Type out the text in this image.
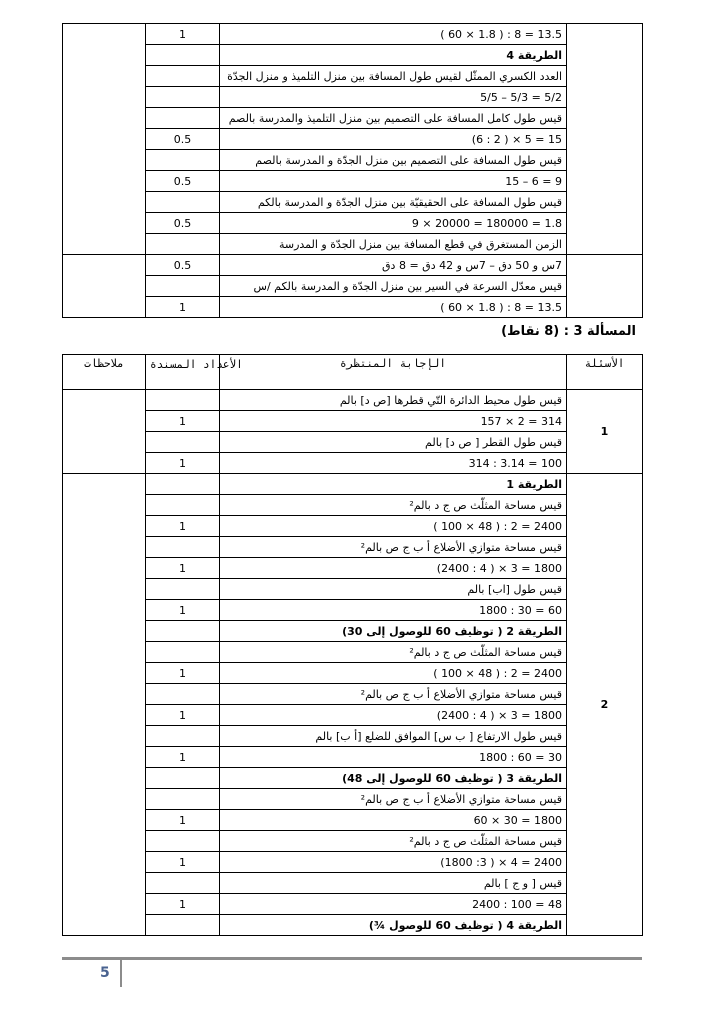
	1	13.5 = 8 : ( 1.8 × 60 )	
		الطريقة 4	
		العدد الكسري الممثّل لقيس طول المسافة بين منزل التلميذ و منزل الجدّة	
		5/2 = 5/3 – 5/5	
		قيس طول كامل المسافة على التصميم بين منزل التلميذ والمدرسة بالصم	
	0.5	15 = 5 × ( 2 : 6)	
		قيس طول المسافة على التصميم بين منزل الجدّة و المدرسة بالصم	
	0.5	9 = 6 – 15	
		قيس طول المسافة على الحقيقيّة بين منزل الجدّة و المدرسة بالكم	
	0.5	1.8 = 180000 = 20000 × 9	
		الزمن المستغرق في قطع المسافة بين منزل الجدّة و المدرسة	
	0.5	7س و 50 دق – 7س و 42 دق = 8 دق	
		قيس معدّل السرعة في السير بين منزل الجدّة و المدرسة بالكم /س	
	1	13.5 = 8 : ( 1.8 × 60 )	
المسألة 3 : (8 نقاط)
ملاحظات	الأعداد المسندة	الإجابة المنتظرة	الأسئلة
		قيس طول محيط الدائرة التّي قطرها [ص د] بالم	1
	1	314 = 2 × 157	
		قيس طول القطر [ ص د] بالم	
	1	100 = 3.14 : 314	
		الطريقة 1	2
		قيس مساحة المثلّث ص ج د بالم²	
	1	2400 = 2 : ( 48 × 100 )	
		قيس مساحة متوازي الأضلاع أ ب ج ص بالم²	
	1	1800 = 3 × ( 4 : 2400)	
		قيس طول [اب] بالم	
	1	60 = 30 : 1800	
		الطريقة 2 ( توظيف 60 للوصول إلى 30)	
		قيس مساحة المثلّث ص ج د بالم²	
	1	2400 = 2 : ( 48 × 100 )	
		قيس مساحة متوازي الأضلاع أ ب ج ص بالم²	
	1	1800 = 3 × ( 4 : 2400)	
		قيس طول الارتفاع [ ب س] الموافق للضلع [أ ب] بالم	
	1	30 = 60 : 1800	
		الطريقة 3 ( توظيف 60 للوصول إلى 48)	
		قيس مساحة متوازي الأضلاع أ ب ج ص بالم²	
	1	1800 = 30 × 60	
		قيس مساحة المثلّث ص ج د بالم²	
	1	2400 = 4 × ( 3: 1800)	
		قيس [ و ج ] بالم	
	1	48 = 100 : 2400	
		الطريقة 4 ( توظيف 60 للوصول ¾)	
5
